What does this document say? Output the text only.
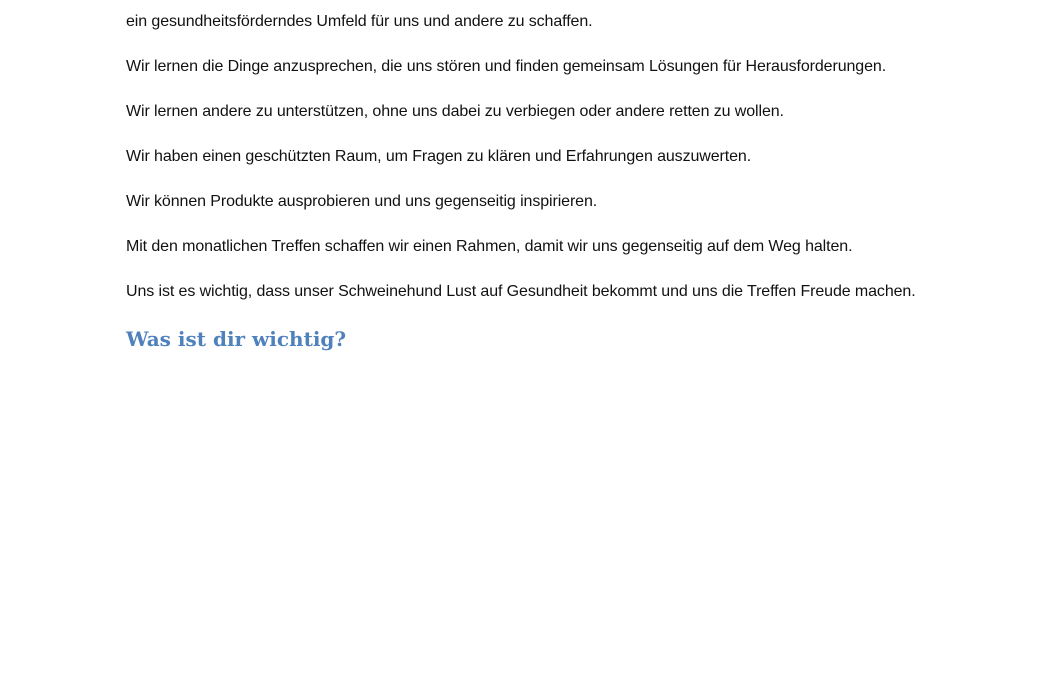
ein gesundheitsförderndes Umfeld für uns und andere zu schaffen.

Wir lernen die Dinge anzusprechen, die uns stören und finden gemeinsam Lösungen für Herausforderungen.

Wir lernen andere zu unterstützen, ohne uns dabei zu verbiegen oder andere retten zu wollen.

Wir haben einen geschützten Raum, um Fragen zu klären und Erfahrungen auszuwerten.

Wir können Produkte ausprobieren und uns gegenseitig inspirieren.

Mit den monatlichen Treffen schaffen wir einen Rahmen, damit wir uns gegenseitig auf dem Weg halten.

Uns ist es wichtig, dass unser Schweinehund Lust auf Gesundheit bekommt und uns die Treffen Freude machen.

Was ist dir wichtig?
